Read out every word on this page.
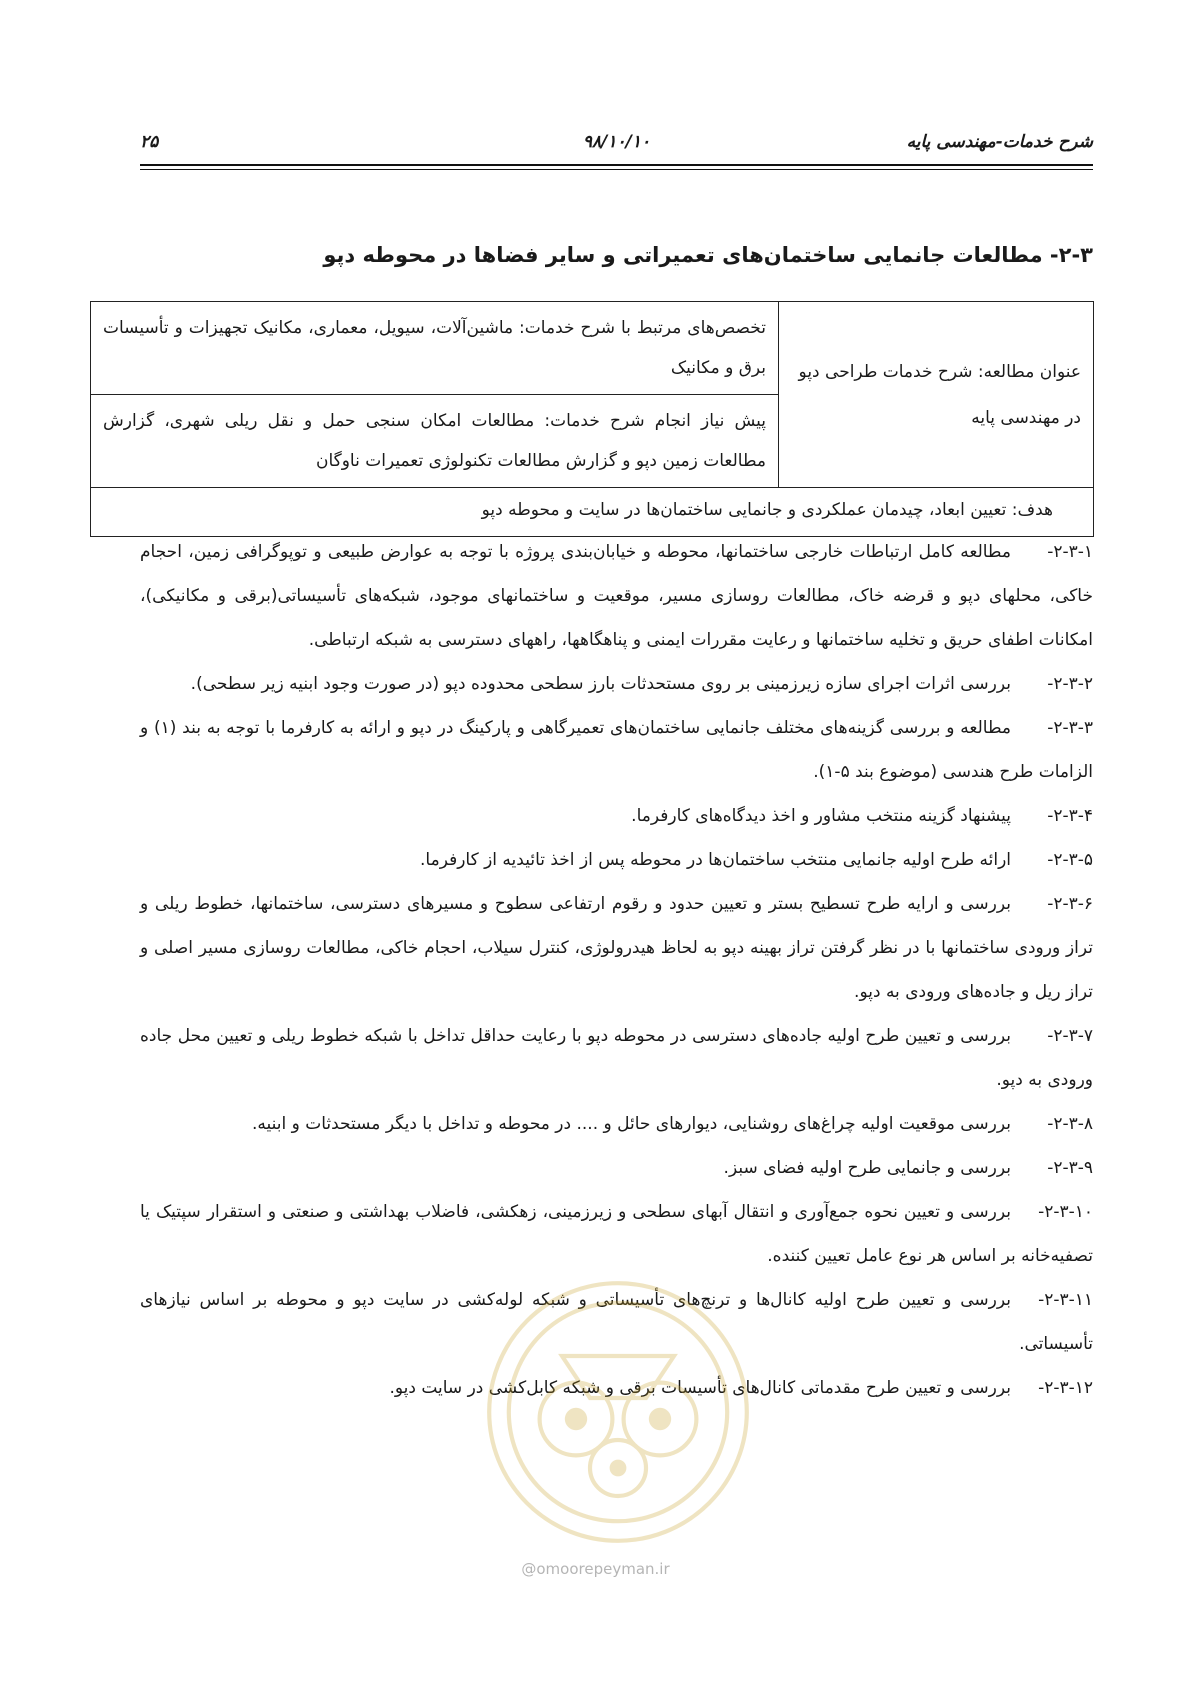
شرح خدمات-مهندسی پایه
۹۸/۱۰/۱۰
۲۵
۲-۳- مطالعات جانمایی ساختمان‌های تعمیراتی و سایر فضاها در محوطه دپو
عنوان مطالعه: شرح خدمات طراحی دپو در مهندسی پایه	تخصص‌های مرتبط با شرح خدمات: ماشین‌آلات، سیویل، معماری، مکانیک تجهیزات و تأسیسات برق و مکانیک
پیش نیاز انجام شرح خدمات: مطالعات امکان سنجی حمل و نقل ریلی شهری، گزارش مطالعات زمین دپو و گزارش مطالعات تکنولوژی تعمیرات ناوگان
هدف: تعیین ابعاد، چیدمان عملکردی و جانمایی ساختمان‌ها در سایت و محوطه دپو
۲-۳-۱-
مطالعه کامل ارتباطات خارجی ساختمانها، محوطه و خیابان‌بندی پروژه با توجه به عوارض طبیعی و توپوگرافی زمین، احجام خاکی، محلهای دپو و قرضه خاک، مطالعات روسازی مسیر، موقعیت و ساختمانهای موجود، شبکه‌های تأسیساتی(برقی و مکانیکی)، امکانات اطفای حریق و تخلیه ساختمانها و رعایت مقررات ایمنی و پناهگاهها، راههای دسترسی به شبکه ارتباطی.
۲-۳-۲-
بررسی اثرات اجرای سازه زیرزمینی بر روی مستحدثات بارز سطحی محدوده دپو (در صورت وجود ابنیه زیر سطحی).
۲-۳-۳-
مطالعه و بررسی گزینه‌های مختلف جانمایی ساختمان‌های تعمیرگاهی و پارکینگ در دپو و ارائه به کارفرما با توجه به بند (۱) و الزامات طرح هندسی (موضوع بند ۵-۱).
۲-۳-۴-
پیشنهاد گزینه منتخب مشاور و اخذ دیدگاه‌های کارفرما.
۲-۳-۵-
ارائه طرح اولیه جانمایی منتخب ساختمان‌ها در محوطه پس از اخذ تائیدیه از کارفرما.
۲-۳-۶-
بررسی و ارایه طرح تسطیح بستر و تعیین حدود و رقوم ارتفاعی سطوح و مسیرهای دسترسی، ساختمانها، خطوط ریلی و تراز ورودی ساختمانها با در نظر گرفتن تراز بهینه دپو به لحاظ هیدرولوژی، کنترل سیلاب، احجام خاکی، مطالعات روسازی مسیر اصلی و تراز ریل و جاده‌های ورودی به دپو.
۲-۳-۷-
بررسی و تعیین طرح اولیه جاده‌های دسترسی در محوطه دپو با رعایت حداقل تداخل با شبکه خطوط ریلی و تعیین محل جاده ورودی به دپو.
۲-۳-۸-
بررسی موقعیت اولیه چراغ‌های روشنایی، دیوارهای حائل و .... در محوطه و تداخل با دیگر مستحدثات و ابنیه.
۲-۳-۹-
بررسی و جانمایی طرح اولیه فضای سبز.
۲-۳-۱۰-
بررسی و تعیین نحوه جمع‌آوری و انتقال آبهای سطحی و زیرزمینی، زهکشی، فاضلاب بهداشتی و صنعتی و استقرار سپتیک یا تصفیه‌خانه بر اساس هر نوع عامل تعیین کننده.
۲-۳-۱۱-
بررسی و تعیین طرح اولیه کانال‌ها و ترنچ‌های تأسیساتی و شبکه لوله‌کشی در سایت دپو و محوطه بر اساس نیازهای تأسیساتی.
۲-۳-۱۲-
بررسی و تعیین طرح مقدماتی کانال‌های تأسیسات برقی و شبکه کابل‌کشی در سایت دپو.
@omoorepeyman.ir
